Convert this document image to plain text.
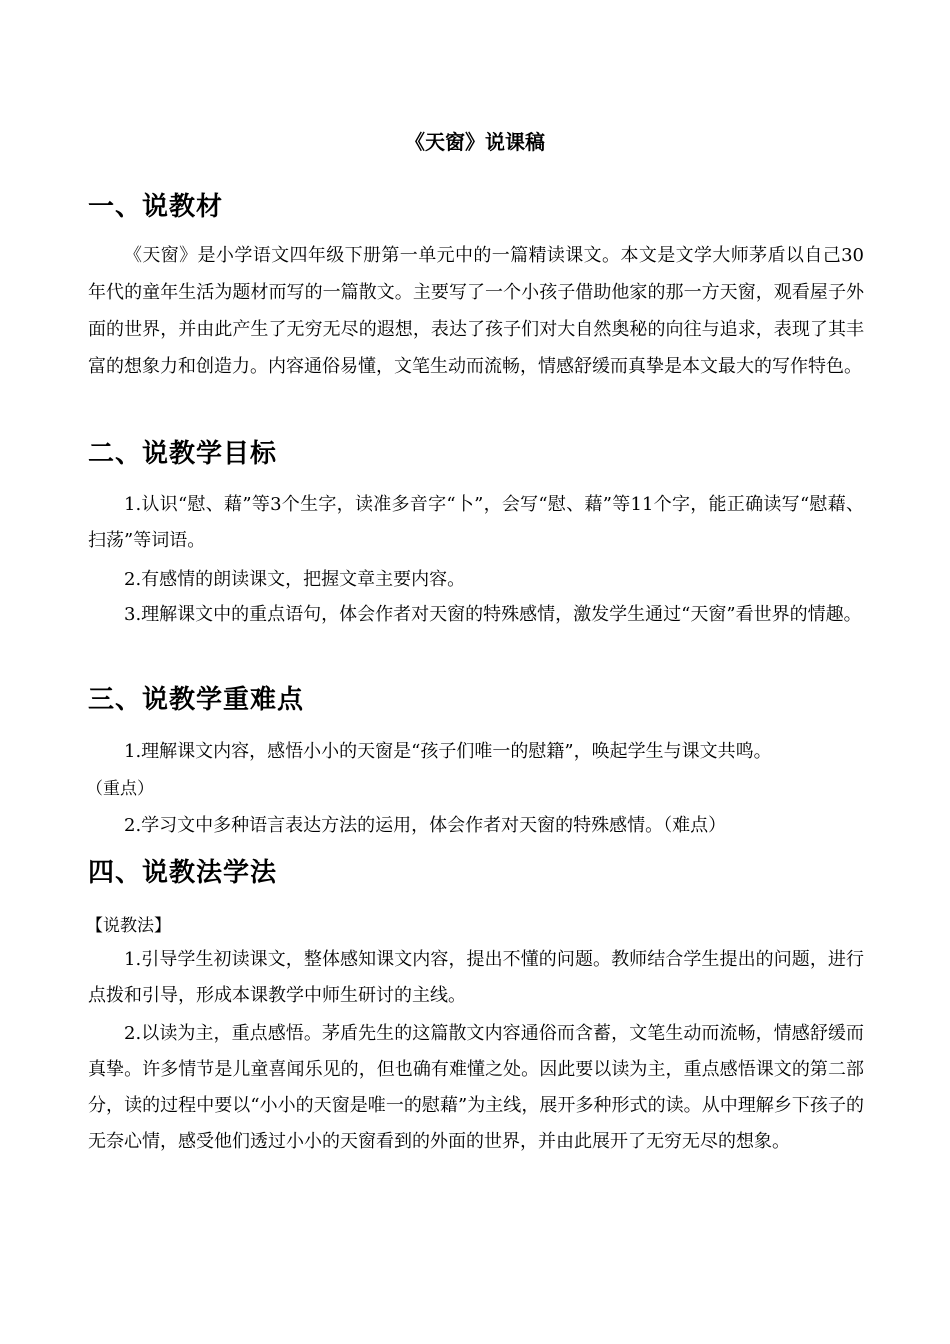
《天窗》说课稿
一、说教材

《天窗》是小学语文四年级下册第一单元中的一篇精读课文。本文是文学大师茅盾以自己30年代的童年生活为题材而写的一篇散文。主要写了一个小孩子借助他家的那一方天窗，观看屋子外面的世界，并由此产生了无穷无尽的遐想，表达了孩子们对大自然奥秘的向往与追求，表现了其丰富的想象力和创造力。内容通俗易懂，文笔生动而流畅，情感舒缓而真挚是本文最大的写作特色。

二、说教学目标

1.认识“慰、藉”等3个生字，读准多音字“卜”，会写“慰、藉”等11个字，能正确读写“慰藉、扫荡”等词语。

2.有感情的朗读课文，把握文章主要内容。

3.理解课文中的重点语句，体会作者对天窗的特殊感情，激发学生通过“天窗”看世界的情趣。

三、说教学重难点

1.理解课文内容，感悟小小的天窗是“孩子们唯一的慰籍”，唤起学生与课文共鸣。

（重点）

2.学习文中多种语言表达方法的运用，体会作者对天窗的特殊感情。（难点）

四、说教法学法
【说教法】

1.引导学生初读课文，整体感知课文内容，提出不懂的问题。教师结合学生提出的问题，进行点拨和引导，形成本课教学中师生研讨的主线。

2.以读为主，重点感悟。茅盾先生的这篇散文内容通俗而含蓄，文笔生动而流畅，情感舒缓而真挚。许多情节是儿童喜闻乐见的，但也确有难懂之处。因此要以读为主，重点感悟课文的第二部分，读的过程中要以“小小的天窗是唯一的慰藉”为主线，展开多种形式的读。从中理解乡下孩子的无奈心情，感受他们透过小小的天窗看到的外面的世界，并由此展开了无穷无尽的想象。
